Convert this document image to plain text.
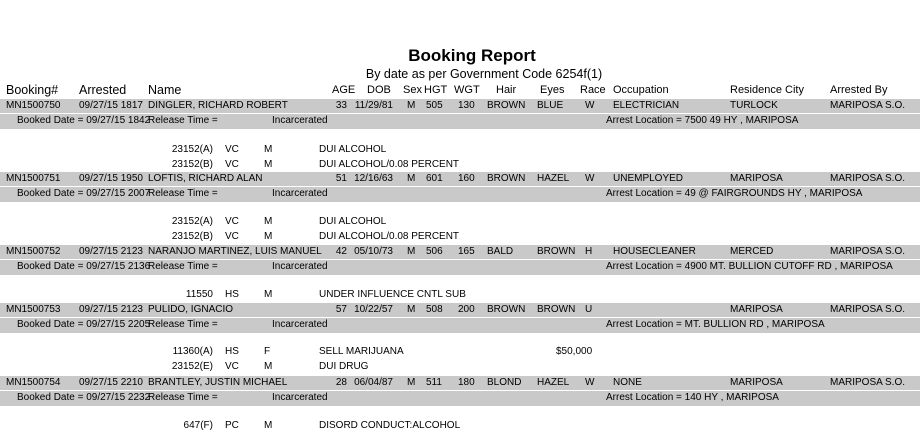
Booking Report
By date as per Government Code 6254f(1)
Booking# Arrested Name	AGE DOB Sex HGT WGT Hair Eyes Race Occupation	Residence City Arrested By
MN1500750 09/27/15 1817 DINGLER, RICHARD ROBERT	33 11/29/81 M 505 130 BROWN BLUE W ELECTRICIAN	TURLOCK	MARIPOSA S.O.
Booked Date = 09/27/15 1842
Release Time =	Incarcerated	Arrest Location = 7500 49 HY , MARIPOSA
23152(A) VC	M	DUI ALCOHOL
23152(B) VC	M	DUI ALCOHOL/0.08 PERCENT
MN1500751 09/27/15 1950 LOFTIS, RICHARD ALAN	51 12/16/63 M 601 160 BROWN HAZEL W UNEMPLOYED	MARIPOSA	MARIPOSA S.O.
Booked Date = 09/27/15 2007
Release Time =	Incarcerated	Arrest Location = 49 @ FAIRGROUNDS HY , MARIPOSA
23152(A) VC	M	DUI ALCOHOL
23152(B) VC	M	DUI ALCOHOL/0.08 PERCENT
MN1500752 09/27/15 2123 NARANJO MARTINEZ, LUIS MANUEL 42 05/10/73 M 506 165 BALD BROWN H HOUSECLEANER	MERCED	MARIPOSA S.O.
Booked Date = 09/27/15 2136
Release Time =	Incarcerated	Arrest Location = 4900 MT. BULLION CUTOFF RD , MARIPOSA
11550 HS	M	UNDER INFLUENCE CNTL SUB
MN1500753 09/27/15 2123 PULIDO, IGNACIO	57 10/22/57 M 508 200 BROWN BROWN U	MARIPOSA	MARIPOSA S.O.
Booked Date = 09/27/15 2205
Release Time =	Incarcerated	Arrest Location = MT. BULLION RD , MARIPOSA
11360(A) HS	F	SELL MARIJUANA	$50,000
23152(E) VC	M	DUI DRUG
MN1500754 09/27/15 2210 BRANTLEY, JUSTIN MICHAEL	28 06/04/87 M 511 180 BLOND HAZEL W NONE	MARIPOSA	MARIPOSA S.O.
Booked Date = 09/27/15 2232
Release Time =	Incarcerated	Arrest Location = 140 HY , MARIPOSA
647(F) PC	M	DISORD CONDUCT:ALCOHOL
